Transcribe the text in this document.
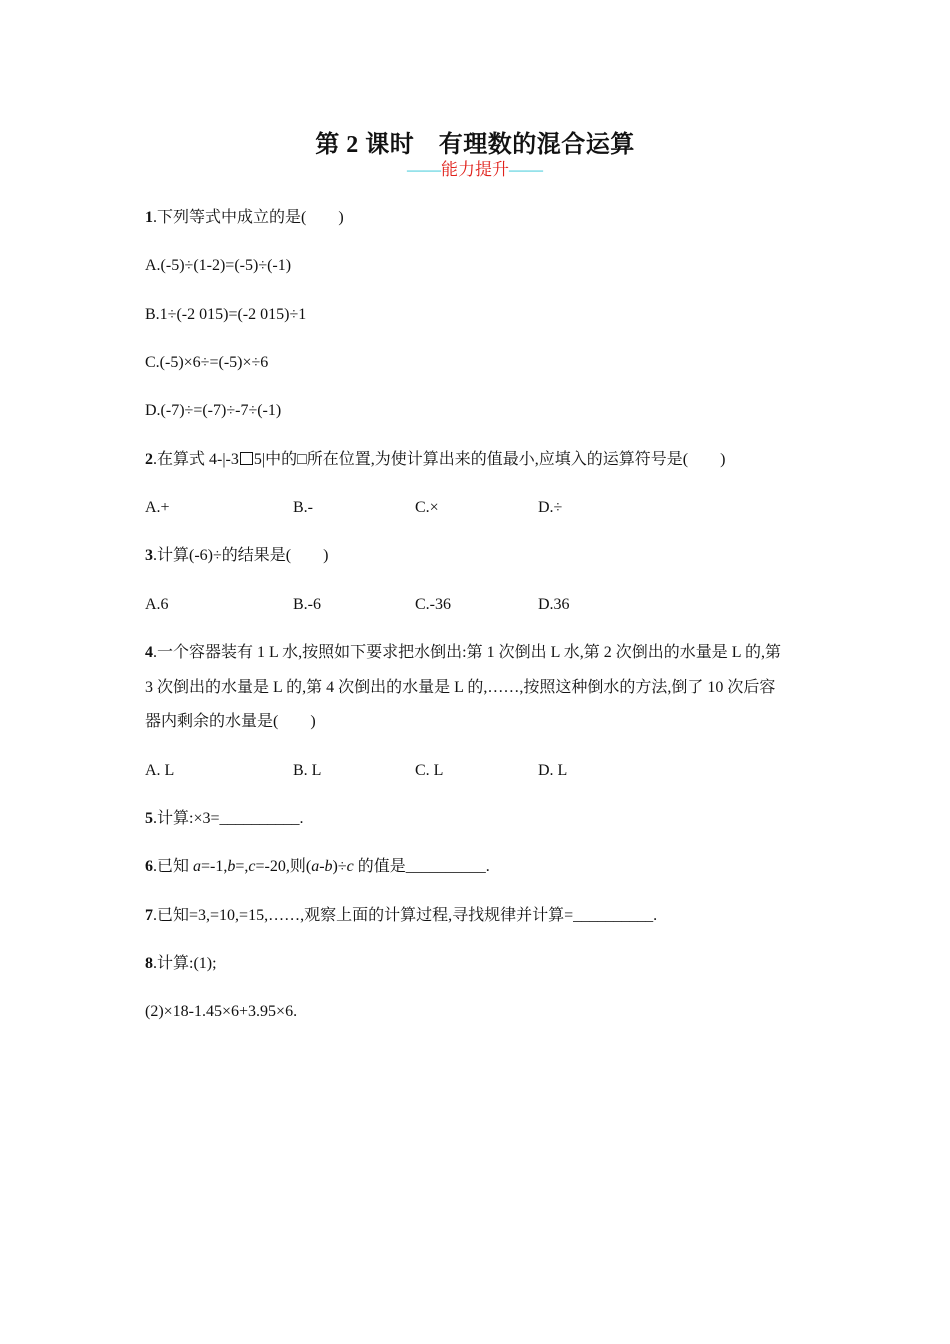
第 2 课时　有理数的混合运算
——能力提升——
1.下列等式中成立的是(　　)
A.(-5)÷(1-2)=(-5)÷(-1)
B.1÷(-2 015)=(-2 015)÷1
C.(-5)×6÷=(-5)×÷6
D.(-7)÷=(-7)÷-7÷(-1)
2.在算式 4-|-3 5|中的□所在位置,为使计算出来的值最小,应填入的运算符号是(　　)
A.+	B.-	C.×	D.÷
3.计算(-6)÷的结果是(　　)
A.6	B.-6	C.-36	D.36
4.一个容器装有 1 L 水,按照如下要求把水倒出:第 1 次倒出 L 水,第 2 次倒出的水量是 L 的,第
3 次倒出的水量是 L 的,第 4 次倒出的水量是 L 的,……,按照这种倒水的方法,倒了 10 次后容
器内剩余的水量是(　　)
A. L	B. L	C. L	D. L
5.计算:×3=__________.
6.已知 a=-1,b=,c=-20,则(a-b)÷c 的值是__________.
7.已知=3,=10,=15,……,观察上面的计算过程,寻找规律并计算=__________.
8.计算:(1);
(2)×18-1.45×6+3.95×6.
